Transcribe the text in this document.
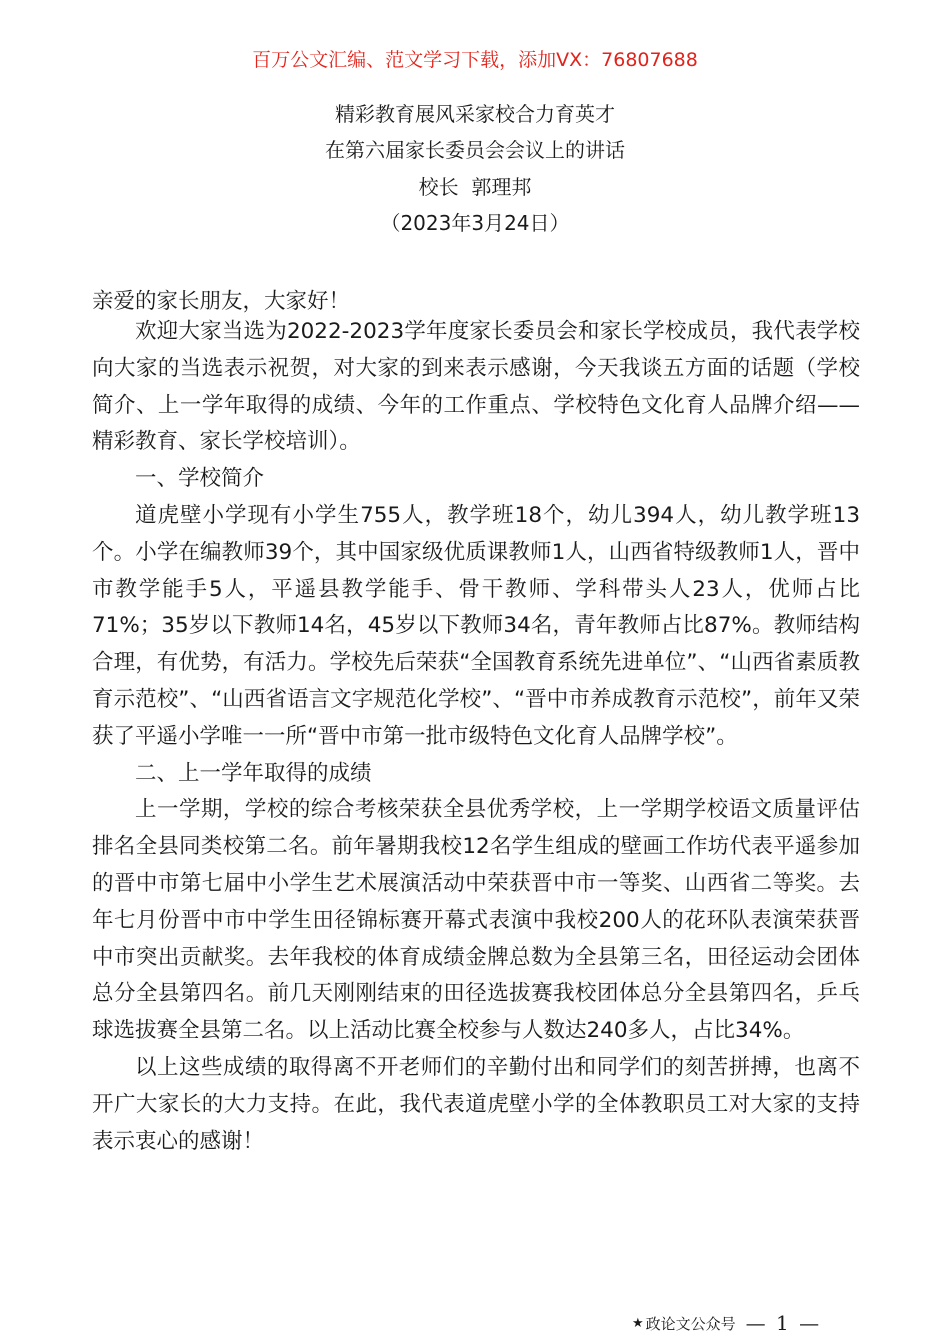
百万公文汇编、范文学习下载，添加VX：76807688
精彩教育展风采家校合力育英才
在第六届家长委员会会议上的讲话
校长  郭理邦
（2023年3月24日）

亲爱的家长朋友，大家好！

欢迎大家当选为2022-2023学年度家长委员会和家长学校成员，我代表学校向大家的当选表示祝贺，对大家的到来表示感谢，今天我谈五方面的话题（学校简介、上一学年取得的成绩、今年的工作重点、学校特色文化育人品牌介绍——精彩教育、家长学校培训）。

一、学校简介

道虎壁小学现有小学生755人，教学班18个，幼儿394人，幼儿教学班13个。小学在编教师39个，其中国家级优质课教师1人，山西省特级教师1人，晋中市教学能手5人，平遥县教学能手、骨干教师、学科带头人23人，优师占比71%；35岁以下教师14名，45岁以下教师34名，青年教师占比87%。教师结构合理，有优势，有活力。学校先后荣获“全国教育系统先进单位”、“山西省素质教育示范校”、“山西省语言文字规范化学校”、“晋中市养成教育示范校”，前年又荣获了平遥小学唯一一所“晋中市第一批市级特色文化育人品牌学校”。

二、上一学年取得的成绩

上一学期，学校的综合考核荣获全县优秀学校，上一学期学校语文质量评估排名全县同类校第二名。前年暑期我校12名学生组成的壁画工作坊代表平遥参加的晋中市第七届中小学生艺术展演活动中荣获晋中市一等奖、山西省二等奖。去年七月份晋中市中学生田径锦标赛开幕式表演中我校200人的花环队表演荣获晋中市突出贡献奖。去年我校的体育成绩金牌总数为全县第三名，田径运动会团体总分全县第四名。前几天刚刚结束的田径选拔赛我校团体总分全县第四名，乒乓球选拔赛全县第二名。以上活动比赛全校参与人数达240多人，占比34%。

以上这些成绩的取得离不开老师们的辛勤付出和同学们的刻苦拼搏，也离不开广大家长的大力支持。在此，我代表道虎壁小学的全体教职员工对大家的支持表示衷心的感谢！

★ 政论文公众号 — 1 —
